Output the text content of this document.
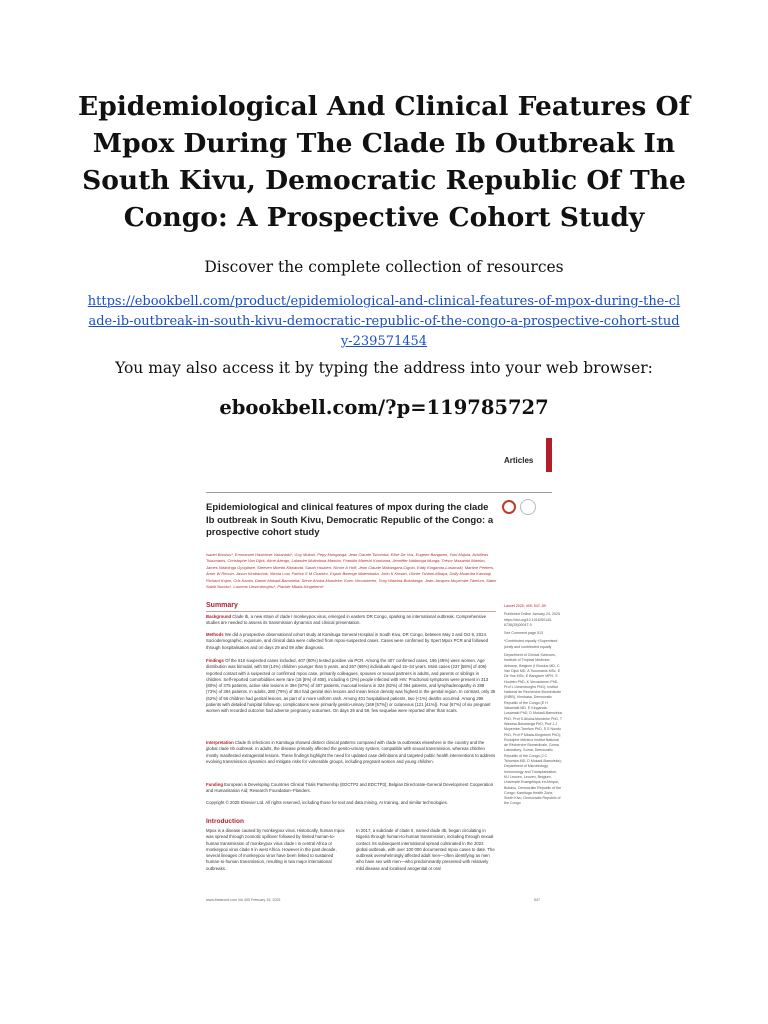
Epidemiological And Clinical Features Of Mpox During The Clade Ib Outbreak In South Kivu, Democratic Republic Of The Congo: A Prospective Cohort Study
Discover the complete collection of resources
https://ebookbell.com/product/epidemiological-and-clinical-features-of-mpox-during-the-clade-ib-outbreak-in-south-kivu-democratic-republic-of-the-congo-a-prospective-cohort-study-239571454
You may also access it by typing the address into your web browser:
ebookbell.com/?p=119785727
Articles
Epidemiological and clinical features of mpox during the clade Ib outbreak in South Kivu, Democratic Republic of the Congo: a prospective cohort study
Isabel Brosius*, Emmanuel Hasivirwe Vakaniaki*, Guy Mukari, Pepy Munganga, Jean Claude Tshomba, Elise De Vos, Eugene Bangwen, Yuhi Mujula, Achilleas Tsoumanis, Christophe Van Dijck, Aimé Alengo, Lalandre Mutimbwa Mambo, Franklin Mweshi Kumbana, Jenniffer Ndibonga Munga, Trésor Mazambi Mambo, James Ndahinga Gyogibwe, Steeven Mbedo-Kitwanda, Sarah Houben, Nicole A Hoff, Jean Claude Makangara-Cigolo, Eddy Kinganda-Lusamaki, Martine Peeters, Anne W Rimoin, Jason Kindrachuk, Nicola Low, Patrick S M Chaisiro, Espoir Bwenge Malembaka, John K Kirwan, Olivier Tshiani-Mbaya, Dally Muamba Kambaji, Richard Kojan, Cris Kacita, Daniel Mukadi-Bamuleka, Steve Ahuka-Mundeke, Koen Vercauteren, Tony Wawina-Bokalanga, Jean-Jacques Muyembe-Tamfum, Sabin Sabiti Nundu†, Laurens Liesenborghs†, Placide Mbala-Kingebeni†
Summary
Background Clade Ib, a new strain of clade I monkeypox virus, emerged in eastern DR Congo, sparking an international outbreak. Comprehensive studies are needed to assess its transmission dynamics and clinical presentation.
Methods We did a prospective observational cohort study at Kamituga General Hospital in South Kivu, DR Congo, between May 2 and Oct 9, 2024. Sociodemographic, exposure, and clinical data were collected from mpox-suspected cases. Cases were confirmed by Xpert Mpox PCR and followed through hospitalisation and on days 29 and 59 after diagnosis.
Findings Of the 510 suspected cases included, 407 (80%) tested positive via PCR. Among the 407 confirmed cases, 196 (48%) were women. Age distribution was bimodal, with 58 (14%) children younger than 5 years, and 267 (66%) individuals aged 15–34 years. Most cases (237 [58%] of 406) reported contact with a suspected or confirmed mpox case, primarily colleagues, spouses or sexual partners in adults, and parents or siblings in children. Self-reported comorbidities were rare (18 [5%] of 408), including 6 (2%) people infected with HIV. Prodromal symptoms were present in 313 (80%) of 375 patients, active skin lesions in 394 (97%) of 407 patients, mucosal lesions in 324 (82%) of 394 patients, and lymphadenopathy in 288 (73%) of 394 patients. In adults, 280 (79%) of 354 had genital skin lesions and mean lesion density was highest in the genital region. In contrast, only 35 (62%) of 56 children had genital lesions, as part of a more uniform rash. Among 401 hospitalised patients, two (<1%) deaths occurred. Among 296 patients with detailed hospital follow-up, complications were primarily genito-urinary (169 [57%]) or cutaneous (121 [41%]). Four (67%) of six pregnant women with recorded outcome had adverse pregnancy outcomes. On days 29 and 59, few sequelae were reported other than scars.
Interpretation Clade Ib infections in Kamituga showed distinct clinical patterns compared with clade Ia outbreaks elsewhere in the country and the global clade IIb outbreak. In adults, the disease primarily affected the genito-urinary system, compatible with sexual transmission, whereas children mostly manifested extragenital lesions. These findings highlight the need for updated case definitions and targeted public health interventions to address evolving transmission dynamics and mitigate risks for vulnerable groups, including pregnant women and young children.
Funding European & Developing Countries Clinical Trials Partnership (EDCTP2 and EDCTP3); Belgian Directorate-General Development Cooperation and Humanitarian Aid; Research Foundation–Flanders.
Copyright © 2025 Elsevier Ltd. All rights reserved, including those for text and data mining, AI training, and similar technologies.
Lancet 2025; 405: 547–59
Published Online January 24, 2025 https://doi.org/10.1016/S0140-6736(25)00047-9
See Comment page 513
*Contributed equally †Supervised jointly and contributed equally
Department of Clinical Sciences, Institute of Tropical Medicine, Antwerp, Belgium (I Brosius MD, C Van Dijck MD, A Tsoumanis MSc, E De Vos MSc, E Bangwen MPH, S Houben PhD, K Vercauteren PhD, Prof L Liesenborghs PhD); Institut National de Recherche Biomédicale (INRB), Kinshasa, Democratic Republic of the Congo (E H Vakaniaki MD, E Kinganda-Lusamaki PhD, D Mukadi-Bamuleka PhD, Prof S Ahuka-Mundeke PhD, T Wawina-Bokalanga PhD, Prof J-J Muyembe-Tamfum PhD, S S Nundu PhD, Prof P Mbala-Kingebeni PhD); Rodolphe Mérieux Institut National de Recherche Biomédicale, Goma Laboratory, Goma, Democratic Republic of the Congo (J C Tshomba MD, D Mukadi-Bamuleka); Department of Microbiology, Immunology and Transplantation, KU Leuven, Leuven, Belgium; Université Evangélique en Afrique, Bukavu, Democratic Republic of the Congo; Kamituga Health Zone, South Kivu, Democratic Republic of the Congo
Introduction
Mpox is a disease caused by monkeypox virus. Historically, human mpox was spread through zoonotic spillover followed by limited human-to-human transmission of monkeypox virus clade I in central Africa or monkeypox virus clade II in west Africa. However in the past decade, several lineages of monkeypox virus have been linked to sustained human-to-human transmission, resulting in two major international outbreaks.
In 2017, a subclade of clade II, named clade IIb, began circulating in Nigeria through human-to-human transmission, including through sexual contact. Its subsequent international spread culminated in the 2022 global outbreak, with over 100 000 documented mpox cases to date. The outbreak overwhelmingly affected adult men—often identifying as men who have sex with men—who predominantly presented with relatively mild disease and localised anogenital or oral
www.thelancet.com Vol 405 February 15, 2025	547
